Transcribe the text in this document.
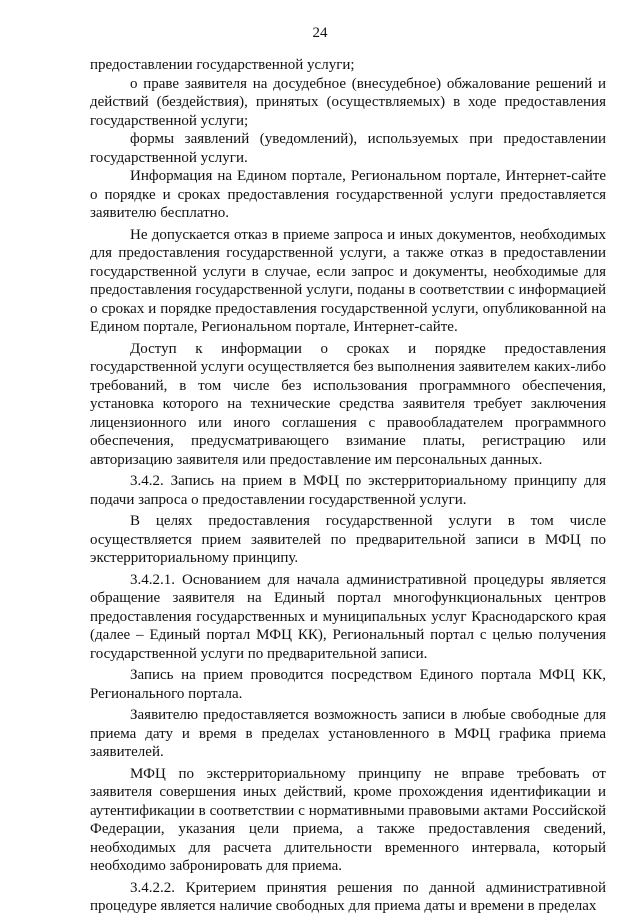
24

предоставлении государственной услуги;

о праве заявителя на досудебное (внесудебное) обжалование решений и действий (бездействия), принятых (осуществляемых) в ходе предоставления государственной услуги;

формы заявлений (уведомлений), используемых при предоставлении государственной услуги.

Информация на Едином портале, Региональном портале, Интернет-сайте о порядке и сроках предоставления государственной услуги предоставляется заявителю бесплатно.

Не допускается отказ в приеме запроса и иных документов, необходимых для предоставления государственной услуги, а также отказ в предоставлении государственной услуги в случае, если запрос и документы, необходимые для предоставления государственной услуги, поданы в соответствии с информацией о сроках и порядке предоставления государственной услуги, опубликованной на Едином портале, Региональном портале, Интернет-сайте.

Доступ к информации о сроках и порядке предоставления государственной услуги осуществляется без выполнения заявителем каких-либо требований, в том числе без использования программного обеспечения, установка которого на технические средства заявителя требует заключения лицензионного или иного соглашения с правообладателем программного обеспечения, предусматривающего взимание платы, регистрацию или авторизацию заявителя или предоставление им персональных данных.

3.4.2. Запись на прием в МФЦ по экстерриториальному принципу для подачи запроса о предоставлении государственной услуги.

В целях предоставления государственной услуги в том числе осуществляется прием заявителей по предварительной записи в МФЦ по экстерриториальному принципу.

3.4.2.1. Основанием для начала административной процедуры является обращение заявителя на Единый портал многофункциональных центров предоставления государственных и муниципальных услуг Краснодарского края (далее – Единый портал МФЦ КК), Региональный портал с целью получения государственной услуги по предварительной записи.

Запись на прием проводится посредством Единого портала МФЦ КК, Регионального портала.

Заявителю предоставляется возможность записи в любые свободные для приема дату и время в пределах установленного в МФЦ графика приема заявителей.

МФЦ по экстерриториальному принципу не вправе требовать от заявителя совершения иных действий, кроме прохождения идентификации и аутентификации в соответствии с нормативными правовыми актами Российской Федерации, указания цели приема, а также предоставления сведений, необходимых для расчета длительности временного интервала, который необходимо забронировать для приема.

3.4.2.2. Критерием принятия решения по данной административной процедуре является наличие свободных для приема даты и времени в пределах
